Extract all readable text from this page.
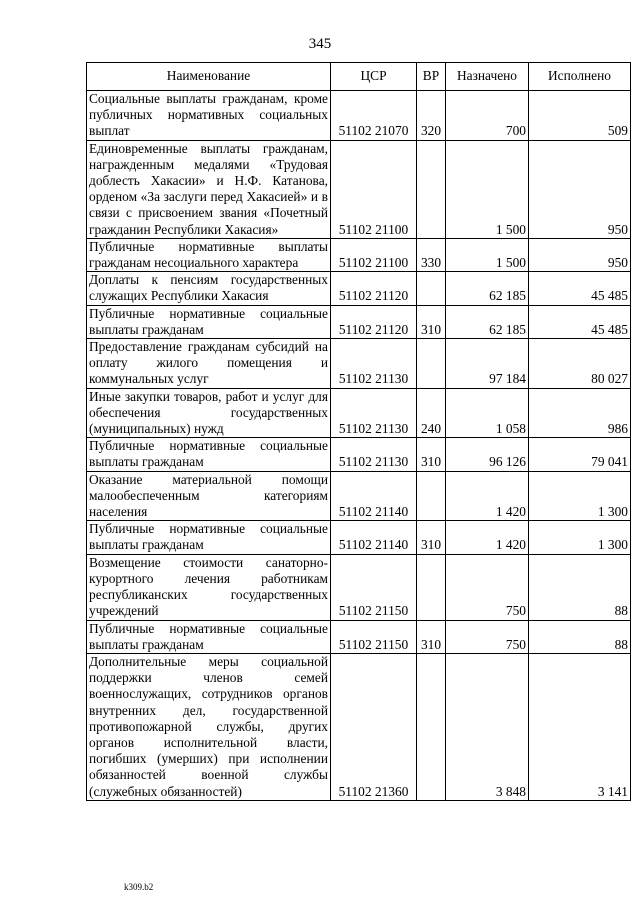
345
Наименование	ЦСР	ВР	Назначено	Исполнено
Социальные выплаты гражданам, кроме публичных нормативных социальных выплат	51102 21070	320	700	509
Единовременные выплаты гражданам, награжденным медалями «Трудовая доблесть Хакасии» и Н.Ф. Катанова, орденом «За заслуги перед Хакасией» и в связи с присвоением звания «Почетный гражданин Республики Хакасия»	51102 21100		1 500	950
Публичные нормативные выплаты гражданам несоциального характера	51102 21100	330	1 500	950
Доплаты к пенсиям государственных служащих Республики Хакасия	51102 21120		62 185	45 485
Публичные нормативные социальные выплаты гражданам	51102 21120	310	62 185	45 485
Предоставление гражданам субсидий на оплату жилого помещения и коммунальных услуг	51102 21130		97 184	80 027
Иные закупки товаров, работ и услуг для обеспечения государственных (муниципальных) нужд	51102 21130	240	1 058	986
Публичные нормативные социальные выплаты гражданам	51102 21130	310	96 126	79 041
Оказание материальной помощи малообеспеченным категориям населения	51102 21140		1 420	1 300
Публичные нормативные социальные выплаты гражданам	51102 21140	310	1 420	1 300
Возмещение стоимости санаторно-курортного лечения работникам республиканских государственных учреждений	51102 21150		750	88
Публичные нормативные социальные выплаты гражданам	51102 21150	310	750	88
Дополнительные меры социальной поддержки членов семей военнослужащих, сотрудников органов внутренних дел, государственной противопожарной службы, других органов исполнительной власти, погибших (умерших) при исполнении обязанностей военной службы (служебных обязанностей)	51102 21360		3 848	3 141
k309.b2
